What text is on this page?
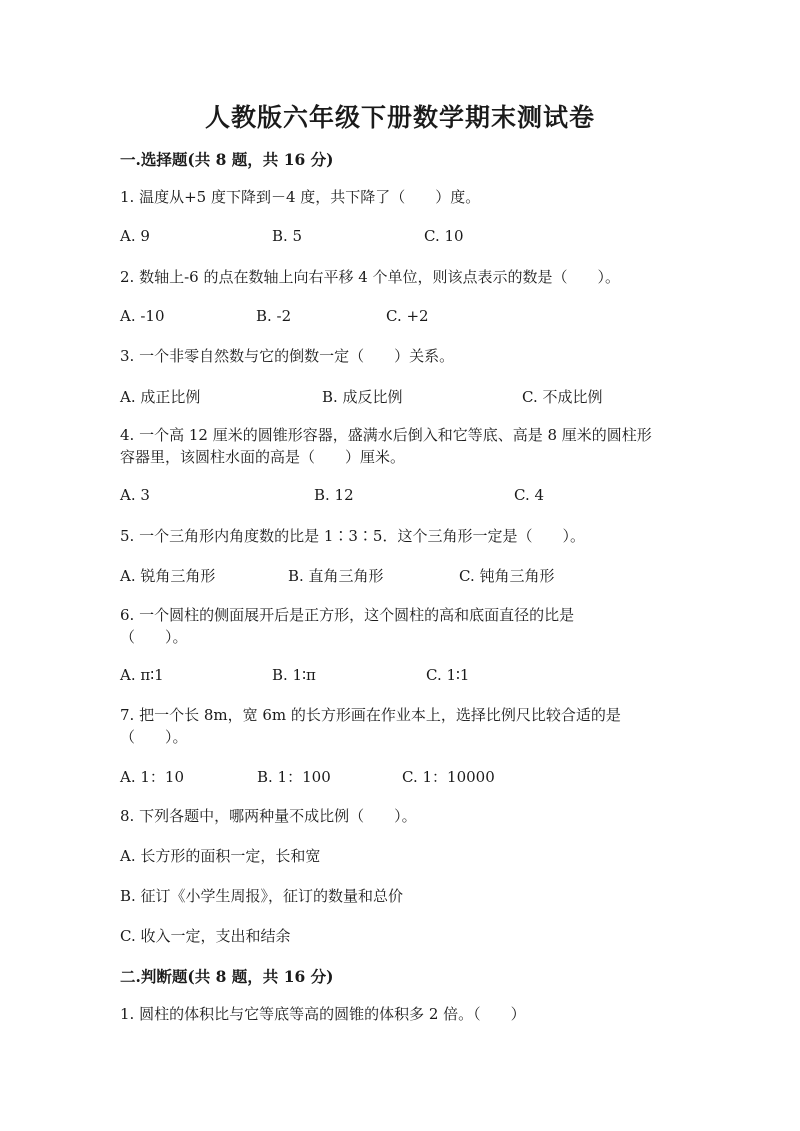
人教版六年级下册数学期末测试卷
一.选择题(共 8 题，共 16 分)
1. 温度从+5 度下降到－4 度，共下降了（　　）度。
A. 9	B. 5	C. 10
2. 数轴上-6 的点在数轴上向右平移 4 个单位，则该点表示的数是（　　）。
A. -10	B. -2	C. +2
3. 一个非零自然数与它的倒数一定（　　）关系。
A. 成正比例	B. 成反比例	C. 不成比例
4. 一个高 12 厘米的圆锥形容器，盛满水后倒入和它等底、高是 8 厘米的圆柱形
容器里，该圆柱水面的高是（　　）厘米。
A. 3	B. 12	C. 4
5. 一个三角形内角度数的比是 1∶3∶5．这个三角形一定是（　　）。
A. 锐角三角形	B. 直角三角形	C. 钝角三角形
6. 一个圆柱的侧面展开后是正方形，这个圆柱的高和底面直径的比是
（　　）。
A. π∶1	B. 1∶π	C. 1∶1
7. 把一个长 8m，宽 6m 的长方形画在作业本上，选择比例尺比较合适的是
（　　）。
A. 1：10	B. 1：100	C. 1：10000
8. 下列各题中，哪两种量不成比例（　　）。
A. 长方形的面积一定，长和宽
B. 征订《小学生周报》，征订的数量和总价
C. 收入一定，支出和结余
二.判断题(共 8 题，共 16 分)
1. 圆柱的体积比与它等底等高的圆锥的体积多 2 倍。（　　）
